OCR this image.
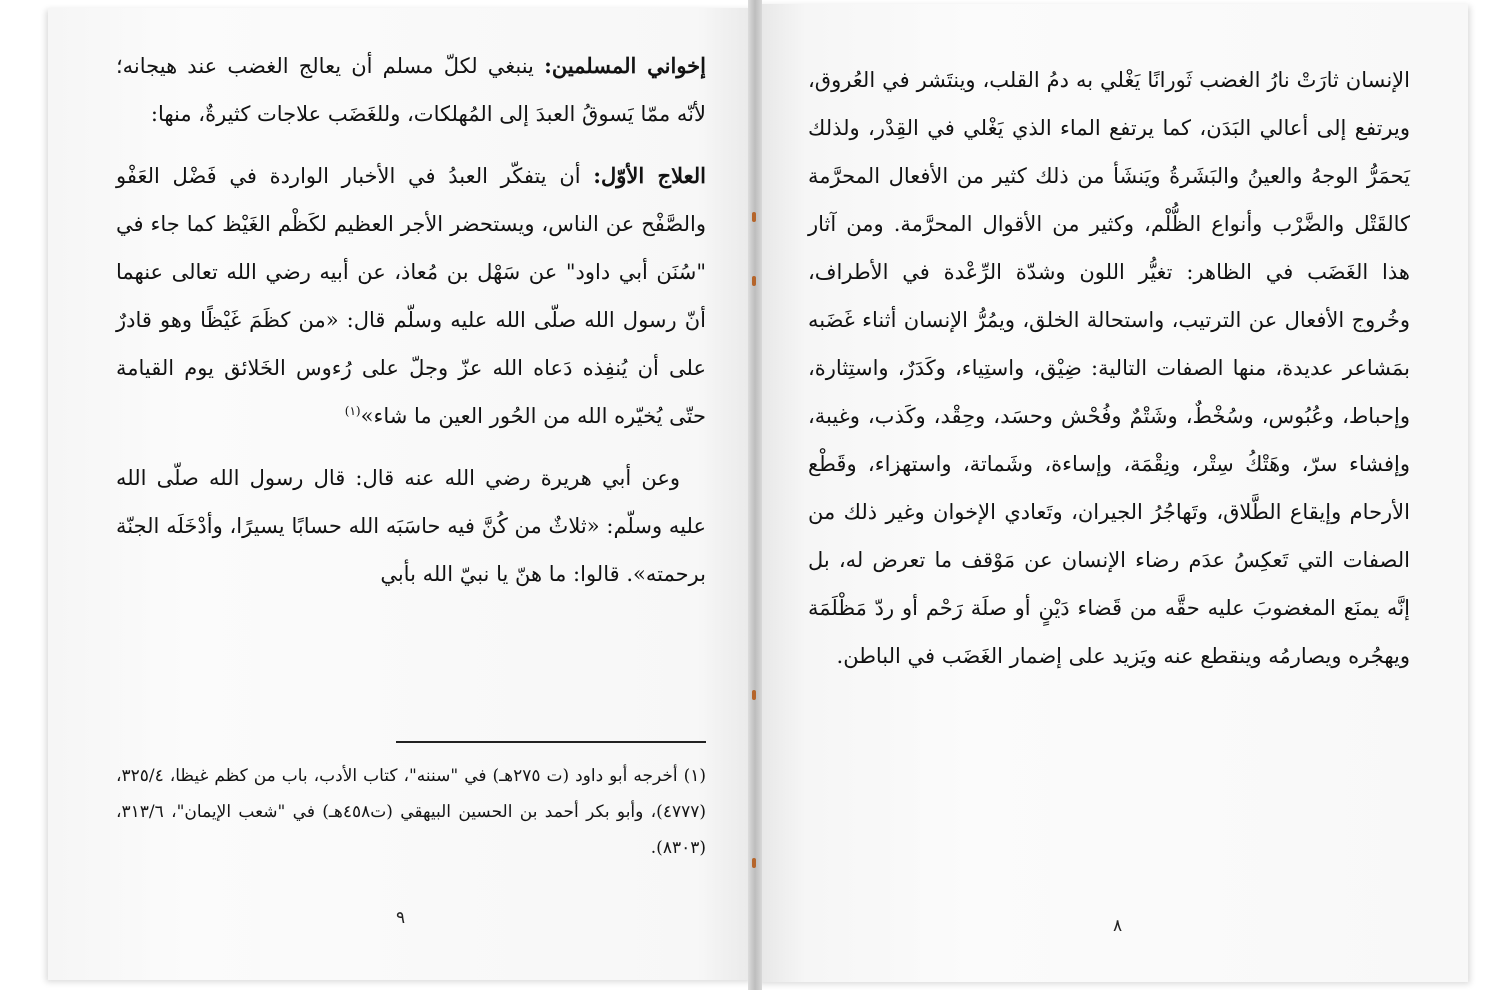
الإنسان ثارَتْ نارُ الغضب ثَورانًا يَغْلي به دمُ القلب، وينتَشر في العُروق، ويرتفع إلى أعالي البَدَن، كما يرتفع الماء الذي يَغْلي في القِدْر، ولذلك يَحمَرُّ الوجهُ والعينُ والبَشَرةُ ويَنشَأ من ذلك كثير من الأفعال المحرَّمة كالقَتْل والضَّرْب وأنواع الظُّلْم، وكثير من الأقوال المحرَّمة. ومن آثار هذا الغَضَب في الظاهر: تغيُّر اللون وشدّة الرِّعْدة في الأطراف، وخُروج الأفعال عن الترتيب، واستحالة الخلق، ويمُرُّ الإنسان أثناء غَضَبه بمَشاعر عديدة، منها الصفات التالية: ضِيْق، واستِياء، وكَدَرٌ، واستِثارة، وإحباط، وعُبُوس، وسُخْطٌ، وشَتْمٌ وفُحْش وحسَد، وحِقْد، وكَذب، وغيبة، وإفشاء سرّ، وهَتْكُ سِتْر، ونِقْمَة، وإساءة، وشَماتة، واستهزاء، وقَطْع الأرحام وإيقاع الطَّلاق، وتَهاجُرُ الجيران، وتَعادي الإخوان وغير ذلك من الصفات التي تَعكِسُ عدَم رضاء الإنسان عن مَوْقف ما تعرض له، بل إنَّه يمنَع المغضوبَ عليه حقَّه من قَضاء دَيْنٍ أو صلَة رَحْم أو ردّ مَظْلَمَة ويهجُره ويصارمُه وينقطع عنه ويَزيد على إضمار الغَضَب في الباطن.

٨

إخواني المسلمين: ينبغي لكلّ مسلم أن يعالج الغضب عند هيجانه؛ لأنّه ممّا يَسوقُ العبدَ إلى المُهلكات، وللغَضَب علاجات كثيرةٌ، منها:

العلاج الأوّل: أن يتفكّر العبدُ في الأخبار الواردة في فَضْل العَفْو والصَّفْح عن الناس، ويستحضر الأجر العظيم لكَظْم الغَيْظ كما جاء في "سُنَن أبي داود" عن سَهْل بن مُعاذ، عن أبيه رضي الله تعالى عنهما أنّ رسول الله صلّى الله عليه وسلّم قال: «من كظَمَ غَيْظًا وهو قادرٌ على أن يُنفِذه دَعاه الله عزّ وجلّ على رُءوس الخَلائق يوم القيامة حتّى يُخيّره الله من الحُور العين ما شاء»$^{(١)}$

وعن أبي هريرة رضي الله عنه قال: قال رسول الله صلّى الله عليه وسلّم: «ثلاثٌ من كُنَّ فيه حاسَبَه الله حسابًا يسيرًا، وأدْخَلَه الجنّة برحمته». قالوا: ما هنّ يا نبيّ الله بأبي

(١) أخرجه أبو داود (ت ٢٧٥هـ) في "سننه"، كتاب الأدب، باب من كظم غيظا، ٣٢٥/٤، (٤٧٧٧)، وأبو بكر أحمد بن الحسين البيهقي (ت٤٥٨هـ) في "شعب الإيمان"، ٣١٣/٦، (٨٣٠٣).
٩
